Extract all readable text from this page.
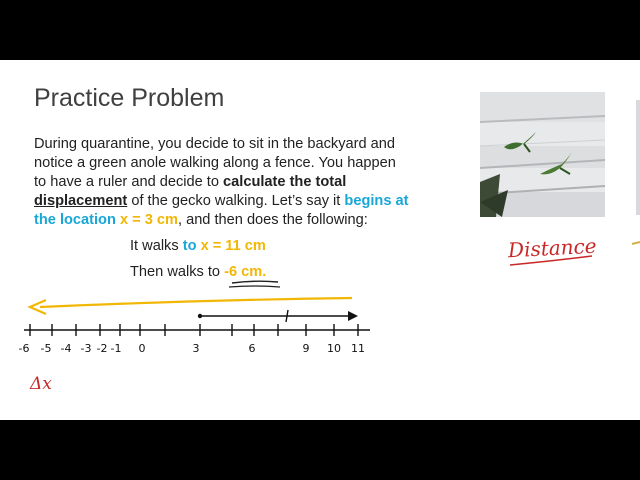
Practice Problem
During quarantine, you decide to sit in the backyard and
notice a green anole walking along a fence. You happen
to have a ruler and decide to calculate the total
displacement of the gecko walking. Let’s say it begins at
the location x = 3 cm, and then does the following:
It walks to x = 11 cm
Then walks to -6 cm.
Distance
Δx
-6 -5 -4 -3 -2 -1 0	3	6	9 10 11
